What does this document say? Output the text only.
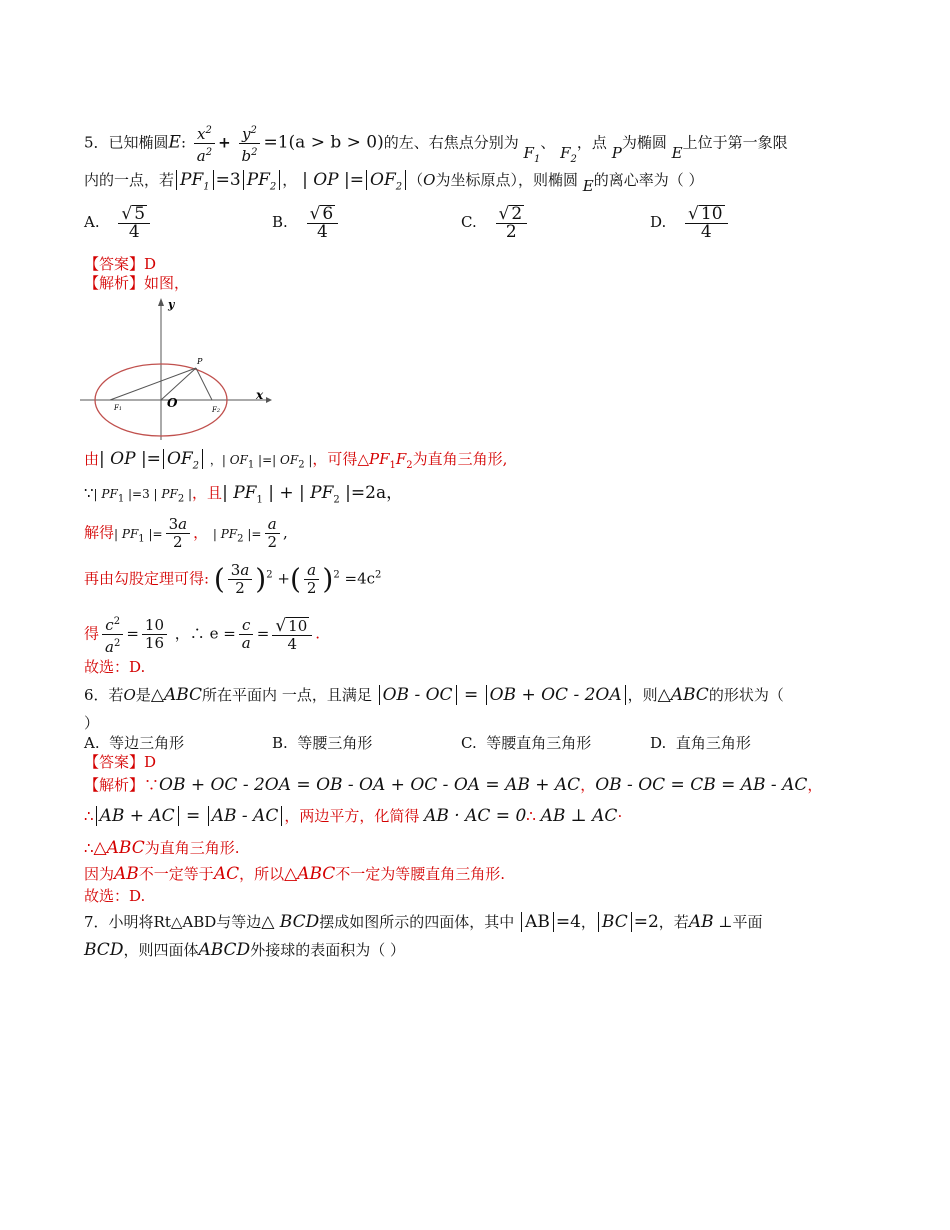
5．已知椭圆E: $\frac{x^2}{a^2} + \frac{y^2}{b^2} =1(a > b > 0)$的左、右焦点分别为 $F_1$、 $F_2$，点 P为椭圆 E上位于第一象限
内的一点，若 $PF_1 =3$ $PF_2$ ， | OP |= $OF_2$ （O为坐标原点），则椭圆 E的离心率为（ ）
A. $\frac{√ 5}{4}$	B. $\frac{√ 6}{4}$	C. $\frac{√ 2}{2}$	D. $\frac{√ 10}{4}$
【答案】D
【解析】如图，
x
y
O
P
F1	F2
由| OP |= $OF_2$ ，| $OF_1$ |=| $OF_2$ |，可得$\triangle PF_1F_2$为直角三角形,
∵| $PF_1$ |=3 | $PF_2$ |，且| $PF_1$ | + | $PF_2$ |=2a，
解得| $PF_1$ |= $\frac{3a}{2}$ ， | $PF_2$ |= $\frac{a}{2}$ ,
再由勾股定理可得: ( $\frac{3a}{2} )^2$ +( $\frac{a}{2} )^2 =4c^2$
得 $\frac{c^2}{a^2} = \frac{10}{16}$ ，∴ $e = \frac{c}{a} = \frac{√ 10}{4}$ .
故选：D.
6．若O是△ABC所在平面内 一点，且满足 OB - OC = OB + OC - 2OA ，则△ABC的形状为（
）
A. 等边三角形	B. 等腰三角形	C. 等腰直角三角形	D. 直角三角形
【答案】D
【解析】∵OB + OC - 2OA = OB - OA + OC - OA = AB + AC，OB - OC = CB = AB - AC，
∴ AB + AC = AB - AC ，两边平方，化简得 AB · AC = 0∴ AB ⊥ AC·
∴△ABC为直角三角形.
因为AB不一定等于AC，所以△ABC不一定为等腰直角三角形.
故选：D.
7．小明将Rt△ABD与等边△ BCD摆成如图所示的四面体，其中 AB =4， BC =2，若AB ⊥平面
BCD，则四面体ABCD外接球的表面积为（ ）
